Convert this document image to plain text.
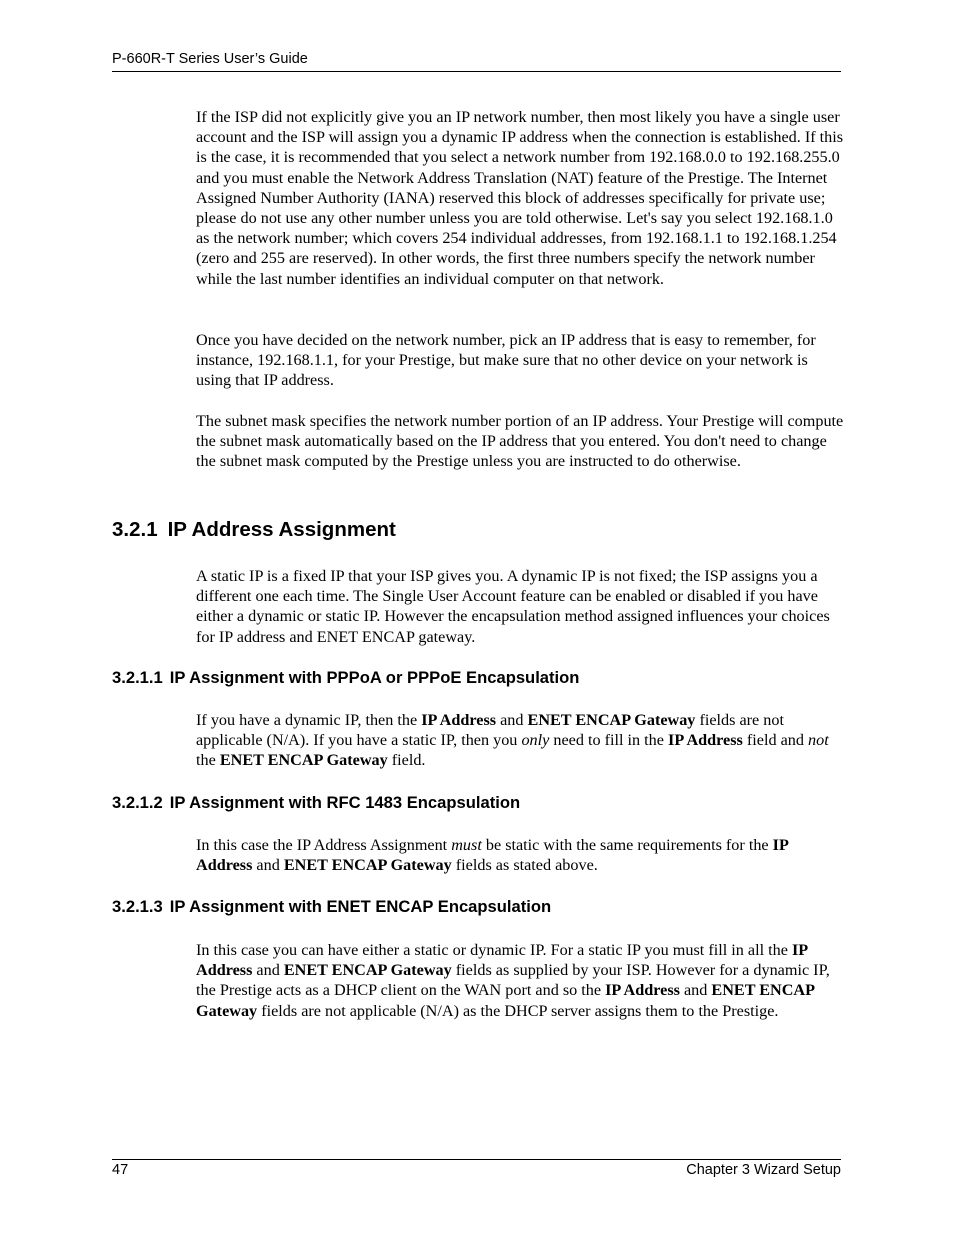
P-660R-T Series User’s Guide

If the ISP did not explicitly give you an IP network number, then most likely you have a single user account and the ISP will assign you a dynamic IP address when the connection is established. If this is the case, it is recommended that you select a network number from 192.168.0.0 to 192.168.255.0 and you must enable the Network Address Translation (NAT) feature of the Prestige. The Internet Assigned Number Authority (IANA) reserved this block of addresses specifically for private use; please do not use any other number unless you are told otherwise. Let's say you select 192.168.1.0 as the network number; which covers 254 individual addresses, from 192.168.1.1 to 192.168.1.254 (zero and 255 are reserved). In other words, the first three numbers specify the network number while the last number identifies an individual computer on that network.

Once you have decided on the network number, pick an IP address that is easy to remember, for instance, 192.168.1.1, for your Prestige, but make sure that no other device on your network is using that IP address.

The subnet mask specifies the network number portion of an IP address. Your Prestige will compute the subnet mask automatically based on the IP address that you entered. You don't need to change the subnet mask computed by the Prestige unless you are instructed to do otherwise.

3.2.1 IP Address Assignment

A static IP is a fixed IP that your ISP gives you. A dynamic IP is not fixed; the ISP assigns you a different one each time. The Single User Account feature can be enabled or disabled if you have either a dynamic or static IP. However the encapsulation method assigned influences your choices for IP address and ENET ENCAP gateway.

3.2.1.1 IP Assignment with PPPoA or PPPoE Encapsulation

If you have a dynamic IP, then the IP Address and ENET ENCAP Gateway fields are not applicable (N/A). If you have a static IP, then you only need to fill in the IP Address field and not the ENET ENCAP Gateway field.

3.2.1.2 IP Assignment with RFC 1483 Encapsulation

In this case the IP Address Assignment must be static with the same requirements for the IP Address and ENET ENCAP Gateway fields as stated above.

3.2.1.3 IP Assignment with ENET ENCAP Encapsulation

In this case you can have either a static or dynamic IP. For a static IP you must fill in all the IP Address and ENET ENCAP Gateway fields as supplied by your ISP. However for a dynamic IP, the Prestige acts as a DHCP client on the WAN port and so the IP Address and ENET ENCAP Gateway fields are not applicable (N/A) as the DHCP server assigns them to the Prestige.

47	Chapter 3 Wizard Setup
